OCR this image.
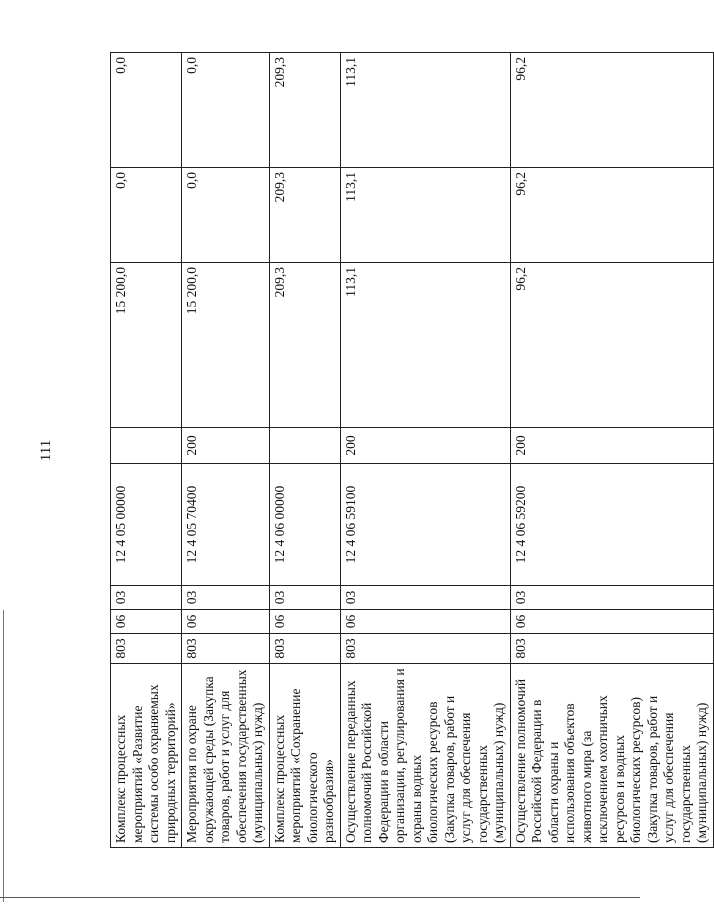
111
Комплекс процессных мероприятий «Развитие системы особо охраняемых природных территорий»	803	06	03	12 4 05 00000		15 200,0	0,0	0,0
Мероприятия по охране окружающей среды (Закупка товаров, работ и услуг для обеспечения государственных (муниципальных) нужд)	803	06	03	12 4 05 70400	200	15 200,0	0,0	0,0
Комплекс процессных мероприятий «Сохранение биологического разнообразия»	803	06	03	12 4 06 00000		209,3	209,3	209,3
Осуществление переданных полномочий Российской Федерации в области организации, регулирования и охраны водных биологических ресурсов (Закупка товаров, работ и услуг для обеспечения государственных (муниципальных) нужд)	803	06	03	12 4 06 59100	200	113,1	113,1	113,1
Осуществление полномочий Российской Федерации в области охраны и использования объектов животного мира (за исключением охотничьих ресурсов и водных биологических ресурсов) (Закупка товаров, работ и услуг для обеспечения государственных (муниципальных) нужд)	803	06	03	12 4 06 59200	200	96,2	96,2	96,2
